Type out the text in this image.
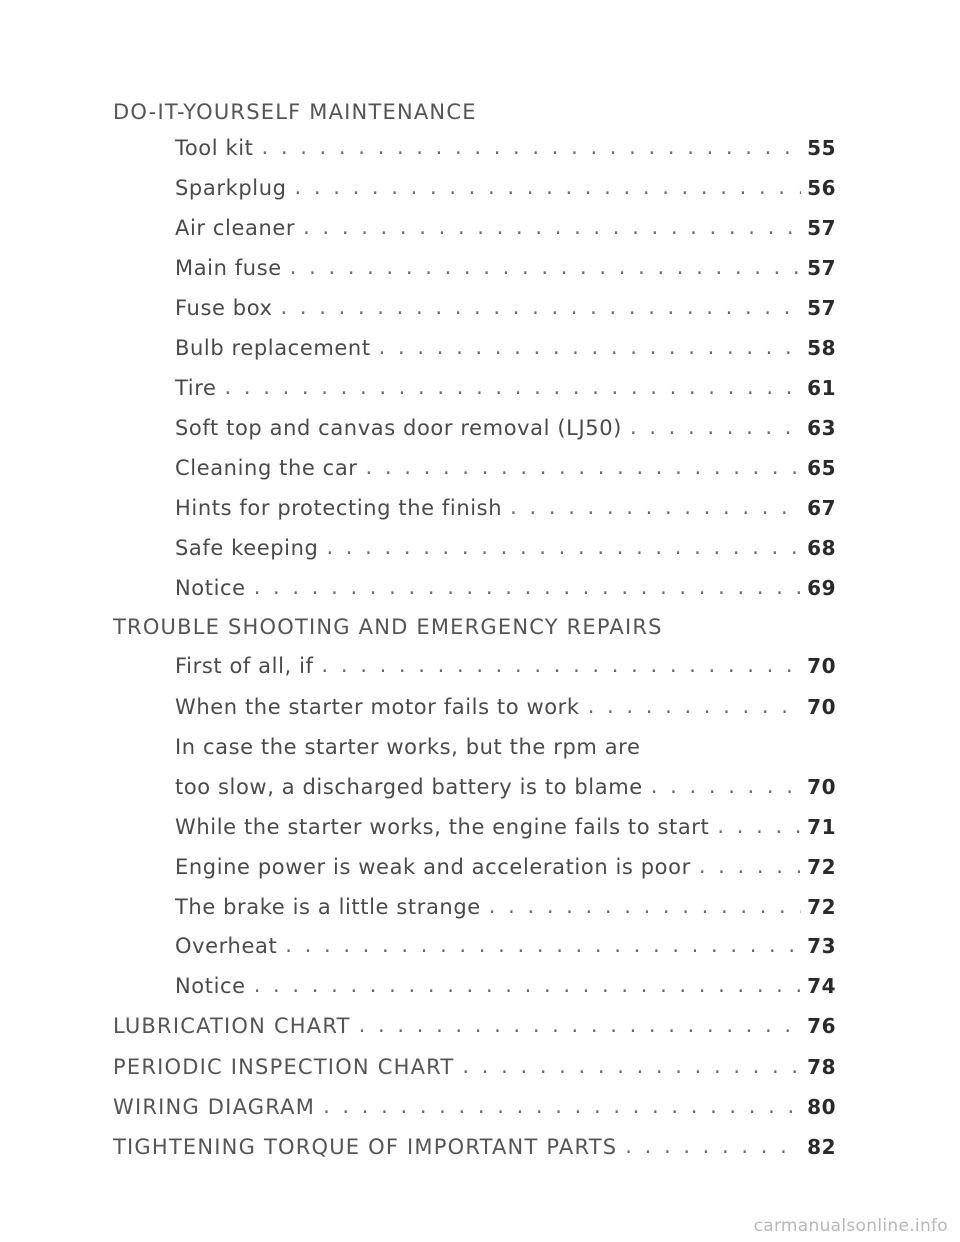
DO-IT-YOURSELF MAINTENANCE
Tool kit . . .	55
Sparkplug . . .	56
Air cleaner . . .	57
Main fuse . . .	57
Fuse box . . .	57
Bulb replacement . . .	58
Tire . . .	61
Soft top and canvas door removal (LJ50) . . .	63
Cleaning the car . . .	65
Hints for protecting the finish . . .	67
Safe keeping . . .	68
Notice . . .	69
TROUBLE SHOOTING AND EMERGENCY REPAIRS
First of all, if . . .	70
When the starter motor fails to work . . .	70
In case the starter works, but the rpm are
too slow, a discharged battery is to blame . . .	70
While the starter works, the engine fails to start . . .	71
Engine power is weak and acceleration is poor . . .	72
The brake is a little strange . . .	72
Overheat . . .	73
Notice . . .	74
LUBRICATION CHART . . .	76
PERIODIC INSPECTION CHART . . .	78
WIRING DIAGRAM . . .	80
TIGHTENING TORQUE OF IMPORTANT PARTS . . .	82
carmanualsonline.info
